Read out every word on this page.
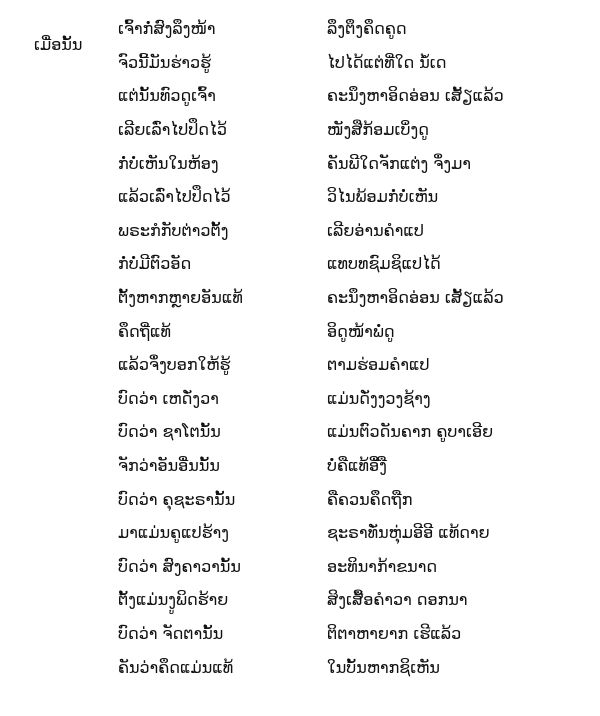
ເມື່ອນັ້ນ
ເຈົ້າກໍ່ສົງລຶງໜ້າ
ຈົວນີ້ມັນຮ່າວຮູ້
ແຕ່ນັ້ນທົວດູເຈົ້າ
ເລີຍເລົ່າໄປປຶດໄວ້
ກໍ່ບໍ່ເຫັນໃນຫ້ອງ
ແລ້ວເລົ່າໄປປຶດໄວ້
ພຣະກໍກັບຕ່າວຕັ້ງ
ກໍ່ບໍ່ມີຕົວອັດ
ຕັ້ງຫາກຫຼາຍອັນແທ້
ຄຶດຖີ່ແທ້
ແລ້ວຈຶ່ງບອກໃຫ້ຮູ້
ບົດວ່າ ເຫດັ່ງວາ
ບົດວ່າ ຊາໂຕນັ້ນ
ຈັກວ່າອັນອື່ນນັ້ນ
ບົດວ່າ ຄຸຊະຣານັ້ນ
ມາແມ່ນຄູແປຮ້າງ
ບົດວ່າ ສົງຄາວານັ້ນ
ຕັ້ງແມ່ນງູພິດຮ້າຍ
ບົດວ່າ ຈັດຕານັ້ນ
ຄັນວ່າຄຶດແມ່ນແທ້
ລຶງຕຶງຄຶດຄູດ
ໄປໄດ້ແຕ່ທີ່ໃດ ນໍ້ເດ
ຄະນຶງຫາອິດອ່ອນ ເສັ້ຽແລ້ວ
ໜັງສືກ້ອມເບິ່ງດູ
ຄັນພີໃດຈັກແຕ່ງ ຈຶ່ງມາ
ວິໄນພ້ອມກໍ່ບໍ່ເຫັນ
ເລີຍອ່ານຄຳແປ
ແທບທຊົມຊິແປໄດ້
ຄະນຶງຫາອິດອ່ອນ ເສັ້ຽແລ້ວ
ອິດູໜ້າພໍ່ດູ
ຕາມຮ່ອມຄຳແປ
ແມ່ນດັ່ງງວງຊ້າງ
ແມ່ນຕົວດັນຄາກ ຄູບາເອີຍ
ບໍ່ຄືແທ້ອື່ງື
ຄືຄວນຄຶດຖືກ
ຊະຣາທັ່ນຫຸ່ມອີອີ ແທ້ດາຍ
ອະທິນາກ້າຂນາດ
ສິງເສື້ອຄຳວາ ດອກນາ
ຕິຕາຫາຍາກ ເຮີແລ້ວ
ໃນບັ້ນຫາກຊິເຫັນ
